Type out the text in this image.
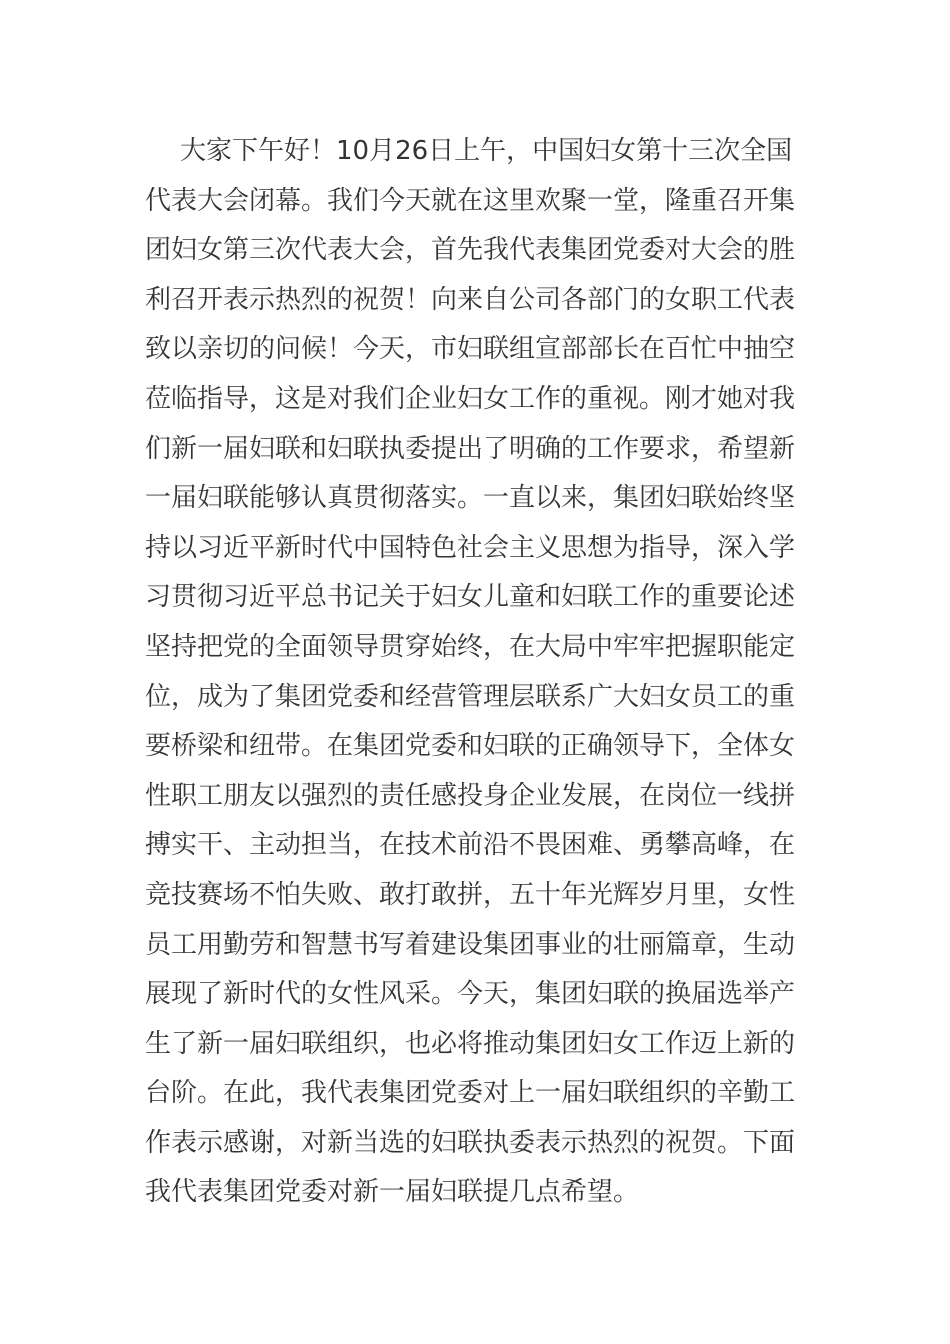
大家下午好！10月26日上午，中国妇女第十三次全国代表大会闭幕。我们今天就在这里欢聚一堂，隆重召开集团妇女第三次代表大会，首先我代表集团党委对大会的胜利召开表示热烈的祝贺！向来自公司各部门的女职工代表致以亲切的问候！今天，市妇联组宣部部长在百忙中抽空莅临指导，这是对我们企业妇女工作的重视。刚才她对我们新一届妇联和妇联执委提出了明确的工作要求，希望新一届妇联能够认真贯彻落实。一直以来，集团妇联始终坚持以习近平新时代中国特色社会主义思想为指导，深入学习贯彻习近平总书记关于妇女儿童和妇联工作的重要论述坚持把党的全面领导贯穿始终，在大局中牢牢把握职能定位，成为了集团党委和经营管理层联系广大妇女员工的重要桥梁和纽带。在集团党委和妇联的正确领导下，全体女性职工朋友以强烈的责任感投身企业发展，在岗位一线拼搏实干、主动担当，在技术前沿不畏困难、勇攀高峰，在竞技赛场不怕失败、敢打敢拼，五十年光辉岁月里，女性员工用勤劳和智慧书写着建设集团事业的壮丽篇章，生动展现了新时代的女性风采。今天，集团妇联的换届选举产生了新一届妇联组织，也必将推动集团妇女工作迈上新的台阶。在此，我代表集团党委对上一届妇联组织的辛勤工作表示感谢，对新当选的妇联执委表示热烈的祝贺。下面我代表集团党委对新一届妇联提几点希望。
